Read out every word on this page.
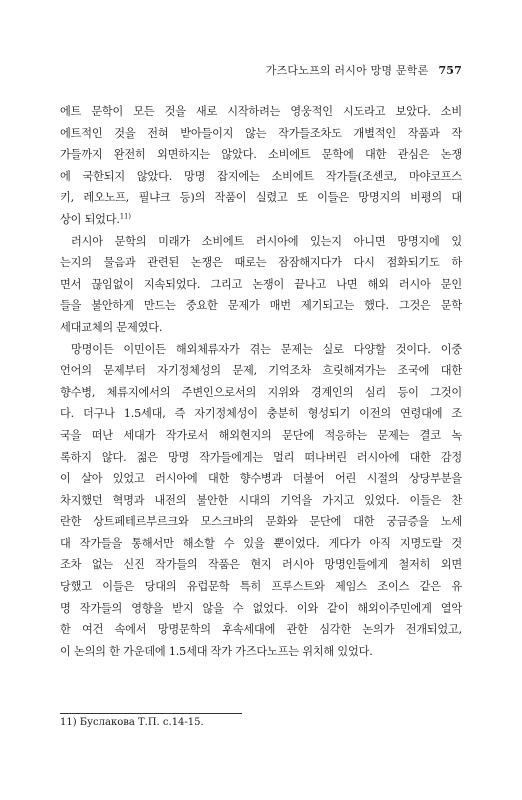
가즈다노프의 러시아 망명 문학론 757
에트 문학이 모든 것을 새로 시작하려는 영웅적인 시도라고 보았다. 소비
에트적인 것을 전혀 받아들이지 않는 작가들조차도 개별적인 작품과 작
가들까지 완전히 외면하지는 않았다. 소비에트 문학에 대한 관심은 논쟁
에 국한되지 않았다. 망명 잡지에는 소비에트 작가들(조센코, 마야코프스
키, 레오노프, 필냐크 등)의 작품이 실렸고 또 이들은 망명지의 비평의 대
상이 되었다.$^{11)}$
러시아 문학의 미래가 소비에트 러시아에 있는지 아니면 망명지에 있
는지의 물음과 관련된 논쟁은 때로는 잠잠해지다가 다시 점화되기도 하
면서 끊임없이 지속되었다. 그리고 논쟁이 끝나고 나면 해외 러시아 문인
들을 불안하게 만드는 중요한 문제가 매번 제기되고는 했다. 그것은 문학
세대교체의 문제였다.
망명이든 이민이든 해외체류자가 겪는 문제는 실로 다양할 것이다. 이중
언어의 문제부터 자기정체성의 문제, 기억조차 흐릿해져가는 조국에 대한
향수병, 체류지에서의 주변인으로서의 지위와 경계인의 심리 등이 그것이
다. 더구나 1.5세대, 즉 자기정체성이 충분히 형성되기 이전의 연령대에 조
국을 떠난 세대가 작가로서 해외현지의 문단에 적응하는 문제는 결코 녹
록하지 않다. 젊은 망명 작가들에게는 멀리 떠나버린 러시아에 대한 감정
이 살아 있었고 러시아에 대한 향수병과 더불어 어린 시절의 상당부분을
차지했던 혁명과 내전의 불안한 시대의 기억을 가지고 있었다. 이들은 찬
란한 상트페테르부르크와 모스크바의 문화와 문단에 대한 궁금증을 노세
대 작가들을 통해서만 해소할 수 있을 뿐이었다. 게다가 아직 지명도랄 것
조차 없는 신진 작가들의 작품은 현지 러시아 망명인들에게 철저히 외면
당했고 이들은 당대의 유럽문학 특히 프루스트와 제임스 조이스 같은 유
명 작가들의 영향을 받지 않을 수 없었다. 이와 같이 해외이주민에게 열악
한 여건 속에서 망명문학의 후속세대에 관한 심각한 논의가 전개되었고,
이 논의의 한 가운데에 1.5세대 작가 가즈다노프는 위치해 있었다.
11) Буслакова Т.П. с.14-15.
